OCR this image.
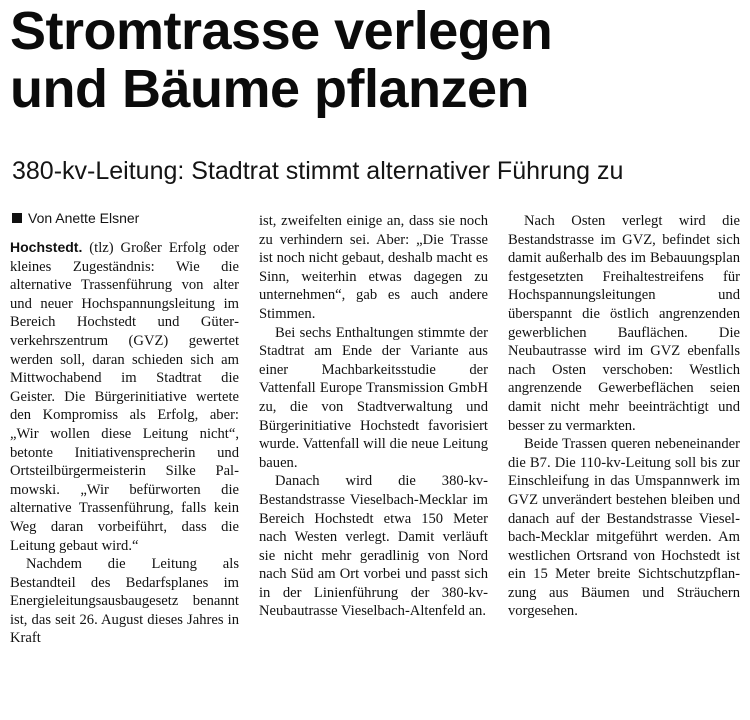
Stromtrasse verlegen
und Bäume pflanzen
380-kv-Leitung: Stadtrat stimmt alternativer Führung zu
Von Anette Elsner

Hochstedt. (tlz) Großer Erfolg oder kleines Zugeständnis: Wie die alternative Trassenführung von alter und neuer Hochspannungsleitung im Bereich Hochstedt und Güterverkehrszentrum (GVZ) gewertet werden soll, daran schieden sich am Mittwochabend im Stadtrat die Geister. Die Bürgerinitiative wertete den Kompromiss als Erfolg, aber: „Wir wollen diese Leitung nicht“, betonte Initiativensprecherin und Ortsteilbürgermeisterin Silke Palmowski. „Wir befürworten die alternative Trassenführung, falls kein Weg daran vorbeiführt, dass die Leitung gebaut wird.“

Nachdem die Leitung als Bestandteil des Bedarfsplanes im Energieleitungsausbaugesetz benannt ist, das seit 26. August dieses Jahres in Kraft

ist, zweifelten einige an, dass sie noch zu verhindern sei. Aber: „Die Trasse ist noch nicht gebaut, deshalb macht es Sinn, weiterhin etwas dagegen zu unternehmen“, gab es auch andere Stimmen.

Bei sechs Enthaltungen stimmte der Stadtrat am Ende der Variante aus einer Machbarkeitsstudie der Vattenfall Europe Transmission GmbH zu, die von Stadtverwaltung und Bürgerinitiative Hochstedt favorisiert wurde. Vattenfall will die neue Leitung bauen.

Danach wird die 380-kv-Bestandstrasse Vieselbach-Mecklar im Bereich Hochstedt etwa 150 Meter nach Westen verlegt. Damit verläuft sie nicht mehr geradlinig von Nord nach Süd am Ort vorbei und passt sich in der Linienführung der 380-kv-Neubautrasse Vieselbach-Altenfeld an.

Nach Osten verlegt wird die Bestandstrasse im GVZ, befindet sich damit außerhalb des im Bebauungsplan festgesetzten Freihaltestreifens für Hochspannungsleitungen und überspannt die östlich angrenzenden gewerblichen Bauflächen. Die Neubautrasse wird im GVZ ebenfalls nach Osten verschoben: Westlich angrenzende Gewerbeflächen seien damit nicht mehr beeinträchtigt und besser zu vermarkten.

Beide Trassen queren nebeneinander die B7. Die 110-kv-Leitung soll bis zur Einschleifung in das Umspannwerk im GVZ unverändert bestehen bleiben und danach auf der Bestandstrasse Vieselbach-Mecklar mitgeführt werden. Am westlichen Ortsrand von Hochstedt ist ein 15 Meter breite Sichtschutzpflanzung aus Bäumen und Sträuchern vorgesehen.
